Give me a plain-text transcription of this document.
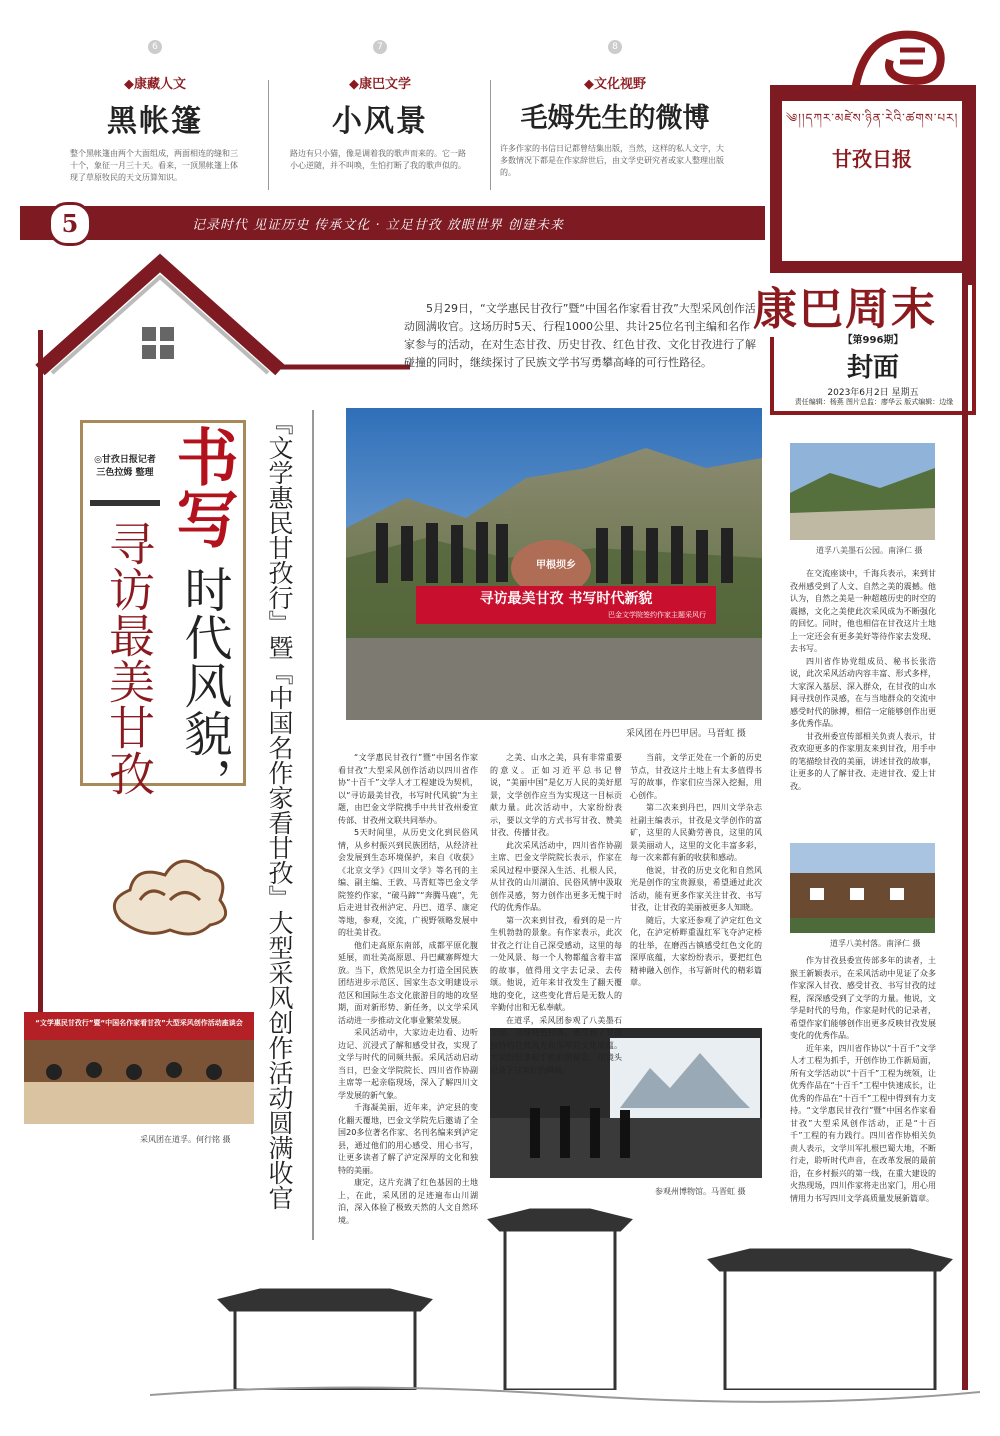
6版
◆康藏人文
黑帐篷
整个黑帐篷由两个大面组成，两面相连的缝和三十个，象征一月三十天。看来，一顶黑帐篷上体现了草原牧民的天文历算知识。
7版
◆康巴文学
小风景
路边有只小猫，像是调着我的歌声而来的。它一路小心逆随，并不叫唤，生怕打断了我的歌声似的。
8版
◆文化视野
毛姆先生的微博
许多作家的书信日记都曾结集出版，当然，这样的私人文字，大多数情况下都是在作家辞世后，由文学史研究者或家人整理出版的。
5	记录时代 见证历史 传承文化 · 立足甘孜 放眼世界 创建未来
༄།།དཀར་མཛེས་ཉིན་རེའི་ཚགས་པར།
甘孜日报
康巴周末
【第996期】
封面
2023年6月2日 星期五
责任编辑：杨燕 图片总监：廖华云 版式编辑：边缘
5月29日，“文学惠民甘孜行”暨“中国名作家看甘孜”大型采风创作活动圆满收官。这场历时5天、行程1000公里、共计25位名刊主编和名作家参与的活动，在对生态甘孜、历史甘孜、红色甘孜、文化甘孜进行了解碰撞的同时，继续探讨了民族文学书写勇攀高峰的可行性路径。
◎甘孜日报记者
三色拉姆 整理 书写
时代风貌，
寻访最美甘孜	『文学惠民甘孜行』暨『中国名作家看甘孜』大型采风创作活动圆满收官	甲根坝乡
寻访最美甘孜 书写时代新貌
巴金文学院签约作家主题采风行
采风团在丹巴甲居。马晋虹 摄
道孚八美墨石公园。南泽仁 摄
道孚八美村落。南泽仁 摄
“文学惠民甘孜行”暨“中国名作家看甘孜”大型采风创作活动座谈会
采风团在道孚。何行铭 摄
参观州博物馆。马晋虹 摄

“文学惠民甘孜行”暨“中国名作家看甘孜”大型采风创作活动以四川省作协“十百千”文学人才工程建设为契机，以“寻访最美甘孜，书写时代风貌”为主题，由巴金文学院携手中共甘孜州委宣传部、甘孜州文联共同举办。

5天时间里，从历史文化到民俗风情，从乡村振兴到民族团结，从经济社会发展到生态环境保护，来自《收获》《北京文学》《四川文学》等名刊的主编、副主编、王敦、马青虹等巴金文学院签约作家，“破马蹄”“奔腾马鹿”，先后走进甘孜州泸定、丹巴、道孚、康定等地，参观，交流，广视野领略发展中的壮美甘孜。

他们走高原东南部，成都平原化腹延展，而壮美高原恩、丹巴藏寨辉煌大放。当下，欣然见识全力打造全国民族团结进步示范区、国家生态文明建设示范区和国际生态文化旅游目的地的攻坚期，面对新形势、新任务，以文学采风活动进一步推动文化事业繁荣发展。

采风活动中，大家边走边看、边听边记、沉浸式了解和感受甘孜，实现了文学与时代的同频共振。采风活动启动当日，巴金文学院院长、四川省作协副主席等一起亲临现场，深入了解四川文学发展的新气象。

千海凝美丽，近年来，泸定县的变化翻天覆地，巴金文学院先后邀请了全国20多位著名作家、名刊名编来到泸定县，通过他们的用心感受、用心书写，让更多读者了解了泸定深厚的文化和独特的美丽。

康定，这片充满了红色基因的土地上，在此，采风团的足迹遍布山川湖泊，深入体验了极致天然的人文自然环境。

之美、山水之美，具有非常重要的意义。正如习近平总书记曾说，“美丽中国”是亿万人民的美好愿景，文学创作应当为实现这一目标贡献力量。此次活动中，大家纷纷表示，要以文学的方式书写甘孜、赞美甘孜、传播甘孜。

此次采风活动中，四川省作协副主席、巴金文学院院长表示，作家在采风过程中要深入生活、扎根人民，从甘孜的山川湖泊、民俗风情中汲取创作灵感，努力创作出更多无愧于时代的优秀作品。

第一次来到甘孜，看到的是一片生机勃勃的景象。有作家表示，此次甘孜之行让自己深受感动，这里的每一处风景、每一个人物都蕴含着丰富的故事，值得用文字去记录、去传颂。他说，近年来甘孜发生了翻天覆地的变化，这些变化背后是无数人的辛勤付出和无私奉献。

在道孚，采风团参观了八美墨石公园、当地特色村落，感受到了甘孜独特的自然风光和深厚的文化底蕴。大家纷纷拿起手机拍照留念，用镜头记录下这美好的瞬间。

当前，文学正处在一个新的历史节点，甘孜这片土地上有太多值得书写的故事，作家们应当深入挖掘，用心创作。

第二次来到丹巴，四川文学杂志社副主编表示，甘孜是文学创作的富矿，这里的人民勤劳善良，这里的风景美丽动人，这里的文化丰富多彩，每一次来都有新的收获和感动。

他说，甘孜的历史文化和自然风光是创作的宝贵源泉，希望通过此次活动，能有更多作家关注甘孜、书写甘孜，让甘孜的美丽被更多人知晓。

随后，大家还参观了泸定红色文化，在泸定桥畔重温红军飞夺泸定桥的壮举，在磨西古镇感受红色文化的深厚底蕴，大家纷纷表示，要把红色精神融入创作，书写新时代的精彩篇章。

在交流座谈中，千海兵表示，来到甘孜州感受到了人文、自然之美的震撼。他认为，自然之美是一种超越历史的时空的震撼，文化之美使此次采风成为不断强化的回忆。同时，他也相信在甘孜这片土地上一定还会有更多美好等待作家去发现、去书写。

四川省作协党组成员、秘书长张浩说，此次采风活动内容丰富、形式多样，大家深入基层、深入群众，在甘孜的山水间寻找创作灵感，在与当地群众的交流中感受时代的脉搏，相信一定能够创作出更多优秀作品。

甘孜州委宣传部相关负责人表示，甘孜欢迎更多的作家朋友来到甘孜，用手中的笔描绘甘孜的美丽，讲述甘孜的故事，让更多的人了解甘孜、走进甘孜、爱上甘孜。

作为甘孜县委宣传部多年的读者，土猴王新颖表示，在采风活动中见证了众多作家深入甘孜、感受甘孜、书写甘孜的过程，深深感受到了文学的力量。他说，文学是时代的号角，作家是时代的记录者，希望作家们能够创作出更多反映甘孜发展变化的优秀作品。

近年来，四川省作协以“十百千”文学人才工程为抓手，开创作协工作新局面，所有文学活动以“十百千”工程为统领，让优秀作品在“十百千”工程中快速成长，让优秀的作品在“十百千”工程中得到有力支持。“文学惠民甘孜行”暨“中国名作家看甘孜”大型采风创作活动，正是“十百千”工程的有力践行。四川省作协相关负责人表示，文学川军扎根巴蜀大地，不断行走，聆听时代声音，在改革发展的最前沿，在乡村振兴的第一线，在重大建设的火热现场，四川作家将走出家门，用心用情用力书写四川文学高质量发展新篇章。
